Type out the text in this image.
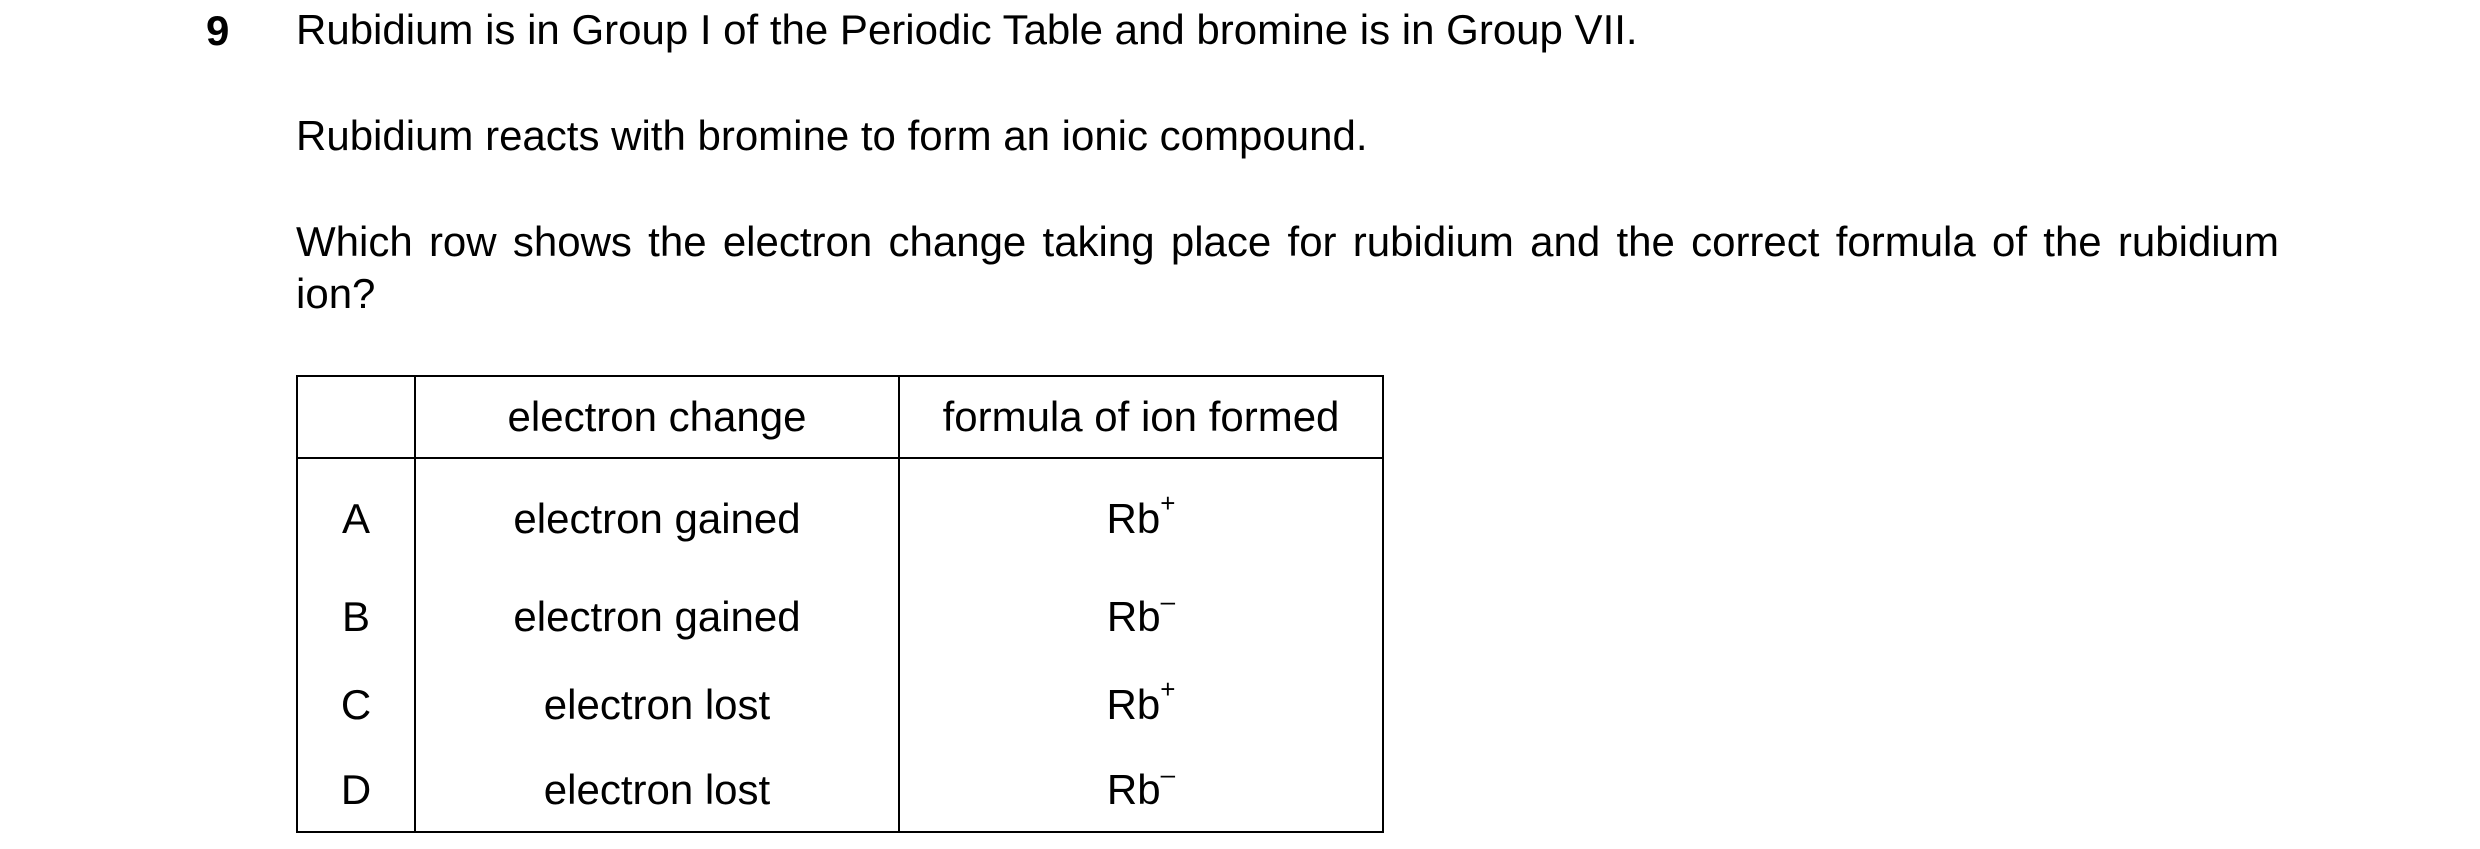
9 Rubidium is in Group I of the Periodic Table and bromine is in Group VII.

Rubidium reacts with bromine to form an ionic compound.

Which row shows the electron change taking place for rubidium and the correct formula of the rubidium ion?

	electron change	formula of ion formed
A	electron gained	Rb+
B	electron gained	Rb–
C	electron lost	Rb+
D	electron lost	Rb–
